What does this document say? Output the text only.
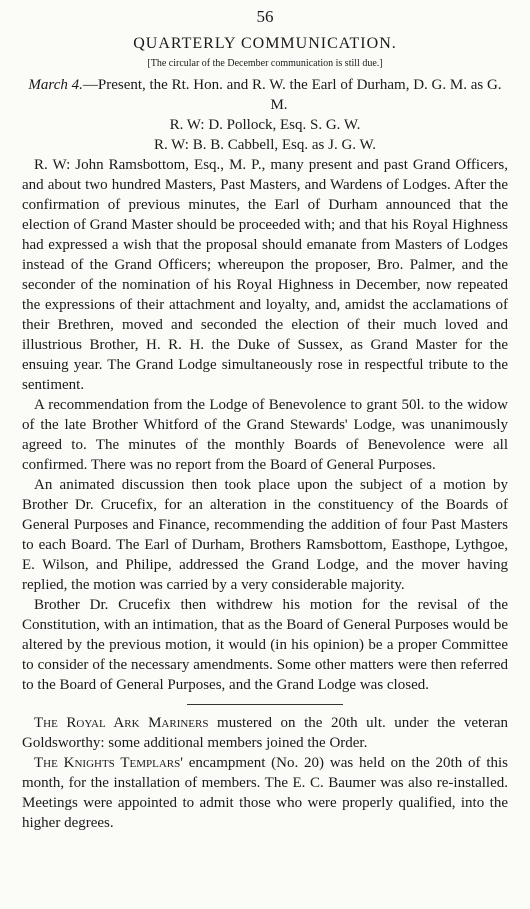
56
QUARTERLY COMMUNICATION.
[The circular of the December communication is still due.]
March 4.—Present, the Rt. Hon. and R. W. the Earl of Durham, D. G. M. as G. M.
R. W: D. Pollock, Esq. S. G. W.
R. W: B. B. Cabbell, Esq. as J. G. W.

R. W: John Ramsbottom, Esq., M. P., many present and past Grand Officers, and about two hundred Masters, Past Masters, and Wardens of Lodges. After the confirmation of previous minutes, the Earl of Durham announced that the election of Grand Master should be proceeded with; and that his Royal Highness had expressed a wish that the proposal should emanate from Masters of Lodges instead of the Grand Officers; whereupon the proposer, Bro. Palmer, and the seconder of the nomination of his Royal Highness in December, now repeated the expressions of their attachment and loyalty, and, amidst the acclamations of their Brethren, moved and seconded the election of their much loved and illustrious Brother, H. R. H. the Duke of Sussex, as Grand Master for the ensuing year. The Grand Lodge simultaneously rose in respectful tribute to the sentiment.

A recommendation from the Lodge of Benevolence to grant 50l. to the widow of the late Brother Whitford of the Grand Stewards' Lodge, was unanimously agreed to. The minutes of the monthly Boards of Benevolence were all confirmed. There was no report from the Board of General Purposes.

An animated discussion then took place upon the subject of a motion by Brother Dr. Crucefix, for an alteration in the constituency of the Boards of General Purposes and Finance, recommending the addition of four Past Masters to each Board. The Earl of Durham, Brothers Ramsbottom, Easthope, Lythgoe, E. Wilson, and Philipe, addressed the Grand Lodge, and the mover having replied, the motion was carried by a very considerable majority.

Brother Dr. Crucefix then withdrew his motion for the revisal of the Constitution, with an intimation, that as the Board of General Purposes would be altered by the previous motion, it would (in his opinion) be a proper Committee to consider of the necessary amendments. Some other matters were then referred to the Board of General Purposes, and the Grand Lodge was closed.

The Royal Ark Mariners mustered on the 20th ult. under the veteran Goldsworthy: some additional members joined the Order.

The Knights Templars' encampment (No. 20) was held on the 20th of this month, for the installation of members. The E. C. Baumer was also re-installed. Meetings were appointed to admit those who were properly qualified, into the higher degrees.
